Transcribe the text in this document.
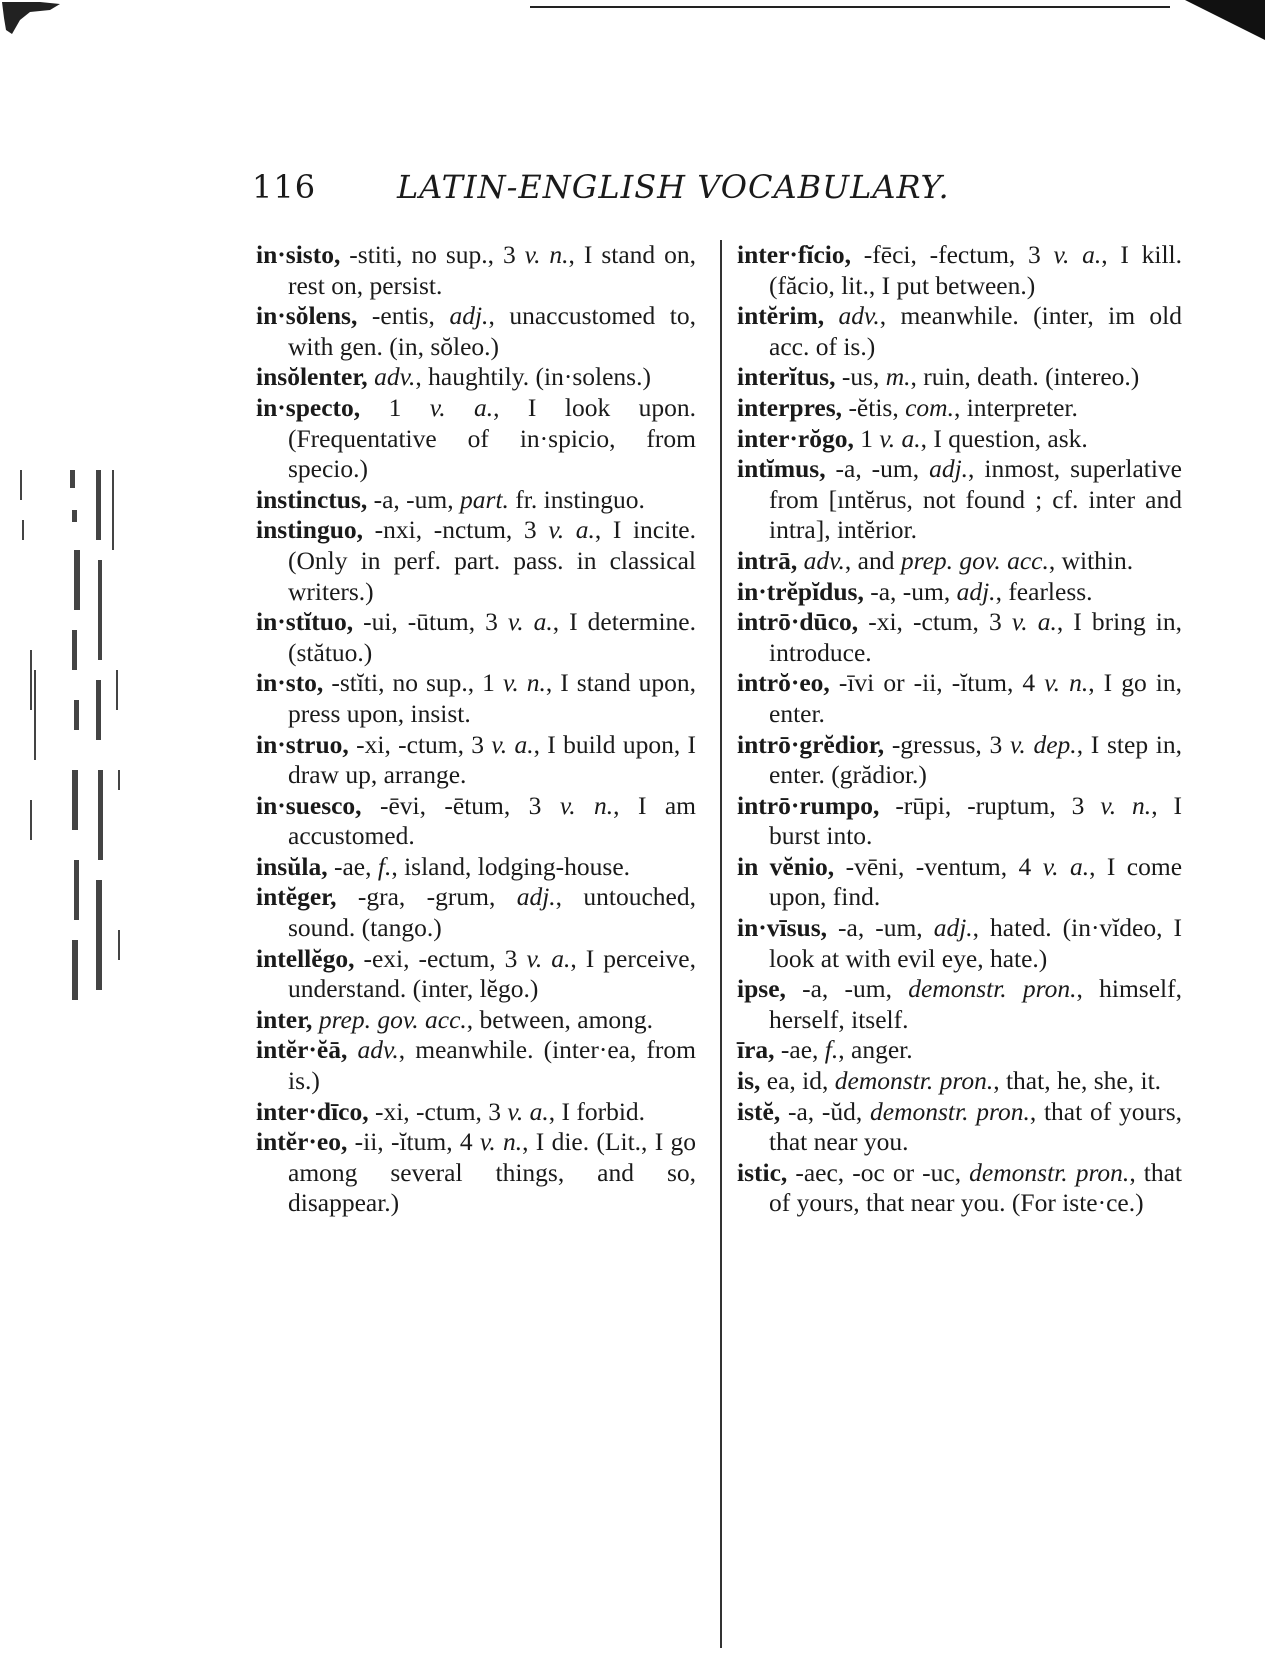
116	LATIN-ENGLISH VOCABULARY.

in·sisto, -stiti, no sup., 3 v. n., I stand on, rest on, persist.

in·sŏlens, -entis, adj., unaccustomed to, with gen. (in, sŏleo.)

insŏlenter, adv., haughtily. (in·solens.)

in·specto, 1 v. a., I look upon. (Frequentative of in·spicio, from specio.)

instinctus, -a, -um, part. fr. instinguo.

instinguo, -nxi, -nctum, 3 v. a., I incite. (Only in perf. part. pass. in classical writers.)

in·stĭtuo, -ui, -ūtum, 3 v. a., I determine. (stătuo.)

in·sto, -stĭti, no sup., 1 v. n., I stand upon, press upon, insist.

in·struo, -xi, -ctum, 3 v. a., I build upon, I draw up, arrange.

in·suesco, -ēvi, -ētum, 3 v. n., I am accustomed.

insŭla, -ae, f., island, lodging-house.

intĕger, -gra, -grum, adj., untouched, sound. (tango.)

intellĕgo, -exi, -ectum, 3 v. a., I perceive, understand. (inter, lĕgo.)

inter, prep. gov. acc., between, among.

intĕr·ĕā, adv., meanwhile. (inter·ea, from is.)

inter·dīco, -xi, -ctum, 3 v. a., I forbid.

intĕr·eo, -ii, -ĭtum, 4 v. n., I die. (Lit., I go among several things, and so, disappear.)

inter·fĭcio, -fēci, -fectum, 3 v. a., I kill. (făcio, lit., I put between.)

intĕrim, adv., meanwhile. (inter, im old acc. of is.)

interĭtus, -us, m., ruin, death. (intereo.)

interpres, -ĕtis, com., interpreter.

inter·rŏgo, 1 v. a., I question, ask.

intĭmus, -a, -um, adj., inmost, superlative from [ıntĕrus, not found ; cf. inter and intra], intĕrior.

intrā, adv., and prep. gov. acc., within.

in·trĕpĭdus, -a, -um, adj., fearless.

intrō·dūco, -xi, -ctum, 3 v. a., I bring in, introduce.

intrŏ·eo, -īvi or -ii, -ĭtum, 4 v. n., I go in, enter.

intrō·grĕdior, -gressus, 3 v. dep., I step in, enter. (grădior.)

intrō·rumpo, -rūpi, -ruptum, 3 v. n., I burst into.

in vĕnio, -vēni, -ventum, 4 v. a., I come upon, find.

in·vīsus, -a, -um, adj., hated. (in·vĭdeo, I look at with evil eye, hate.)

ipse, -a, -um, demonstr. pron., himself, herself, itself.

īra, -ae, f., anger.

is, ea, id, demonstr. pron., that, he, she, it.

istĕ, -a, -ŭd, demonstr. pron., that of yours, that near you.

istic, -aec, -oc or -uc, demonstr. pron., that of yours, that near you. (For iste·ce.)
